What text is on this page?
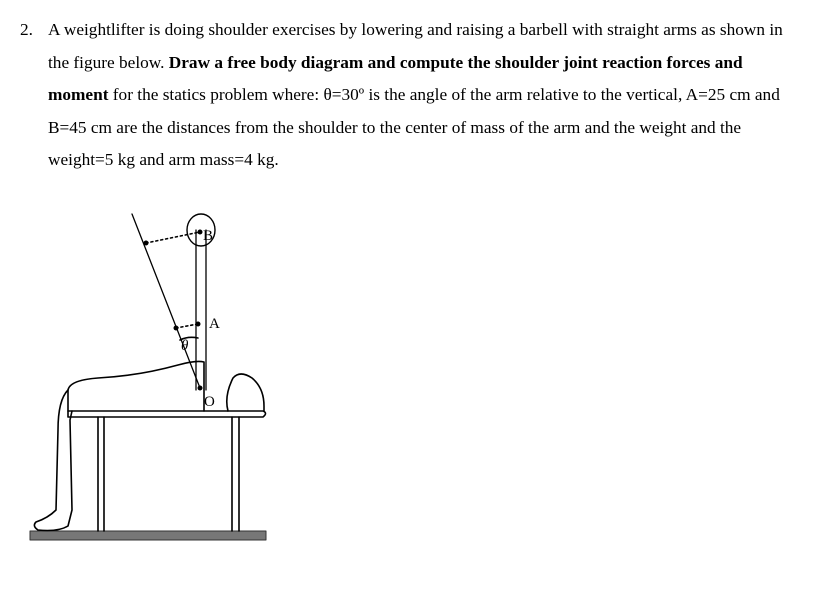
2. A weightlifter is doing shoulder exercises by lowering and raising a barbell with straight arms as shown in the figure below. Draw a free body diagram and compute the shoulder joint reaction forces and moment for the statics problem where: θ=30º is the angle of the arm relative to the vertical, A=25 cm and B=45 cm are the distances from the shoulder to the center of mass of the arm and the weight and the weight=5 kg and arm mass=4 kg.
B
A
θ
O
